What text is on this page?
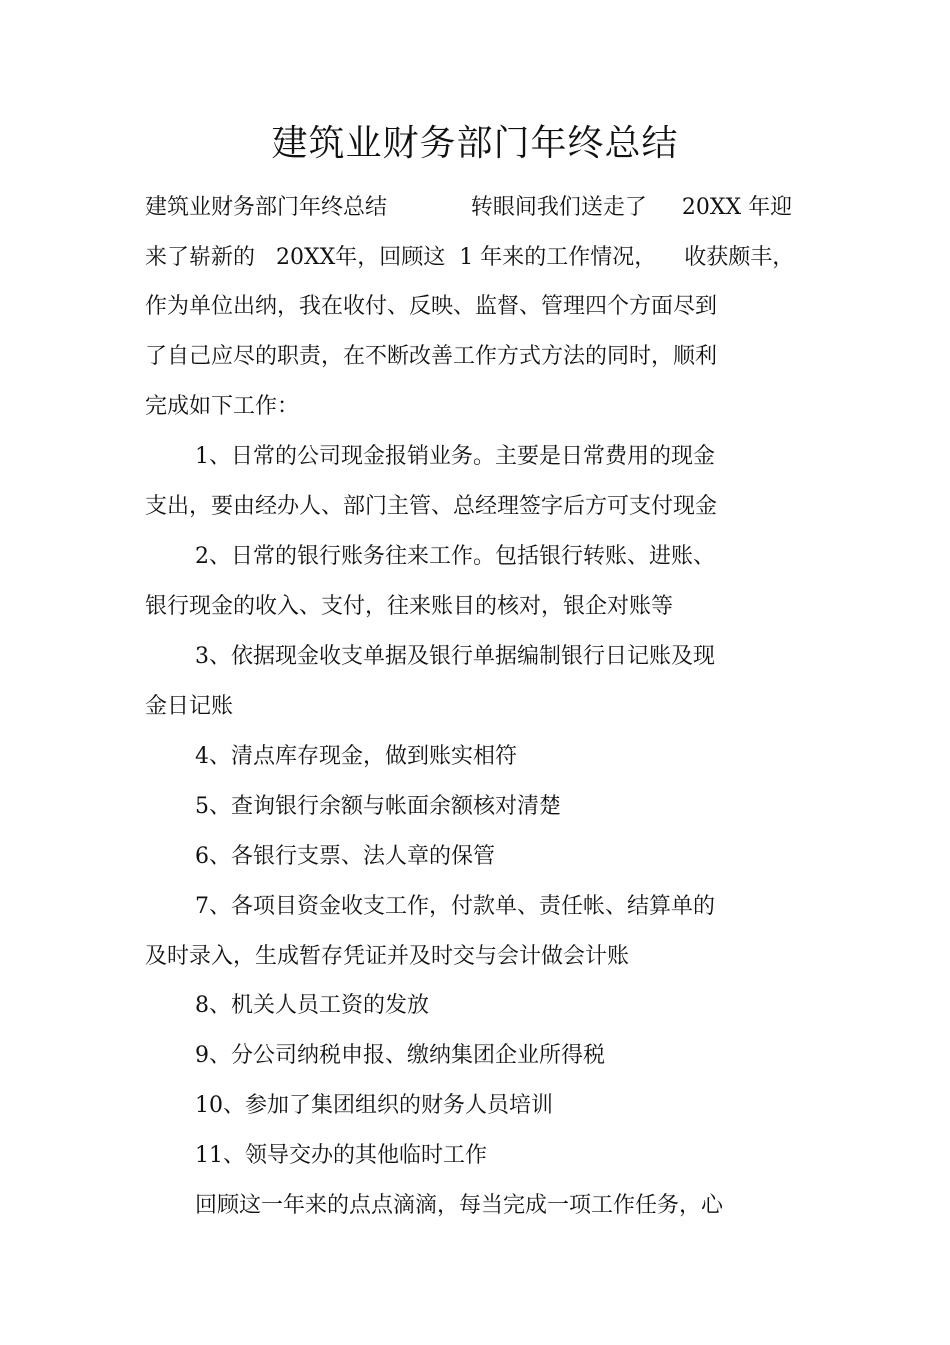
建筑业财务部门年终总结
建筑业财务部门年终总结            转眼间我们送走了     20XX 年迎
来了崭新的   20XX年，回顾这  1 年来的工作情况，    收获颇丰，
作为单位出纳，我在收付、反映、监督、管理四个方面尽到
了自己应尽的职责，在不断改善工作方式方法的同时，顺利
完成如下工作：
1、日常的公司现金报销业务。主要是日常费用的现金
支出，要由经办人、部门主管、总经理签字后方可支付现金
2、日常的银行账务往来工作。包括银行转账、进账、
银行现金的收入、支付，往来账目的核对，银企对账等
3、依据现金收支单据及银行单据编制银行日记账及现
金日记账
4、清点库存现金，做到账实相符
5、查询银行余额与帐面余额核对清楚
6、各银行支票、法人章的保管
7、各项目资金收支工作，付款单、责任帐、结算单的
及时录入，生成暂存凭证并及时交与会计做会计账
8、机关人员工资的发放
9、分公司纳税申报、缴纳集团企业所得税
10、参加了集团组织的财务人员培训
11、领导交办的其他临时工作
回顾这一年来的点点滴滴，每当完成一项工作任务，心
